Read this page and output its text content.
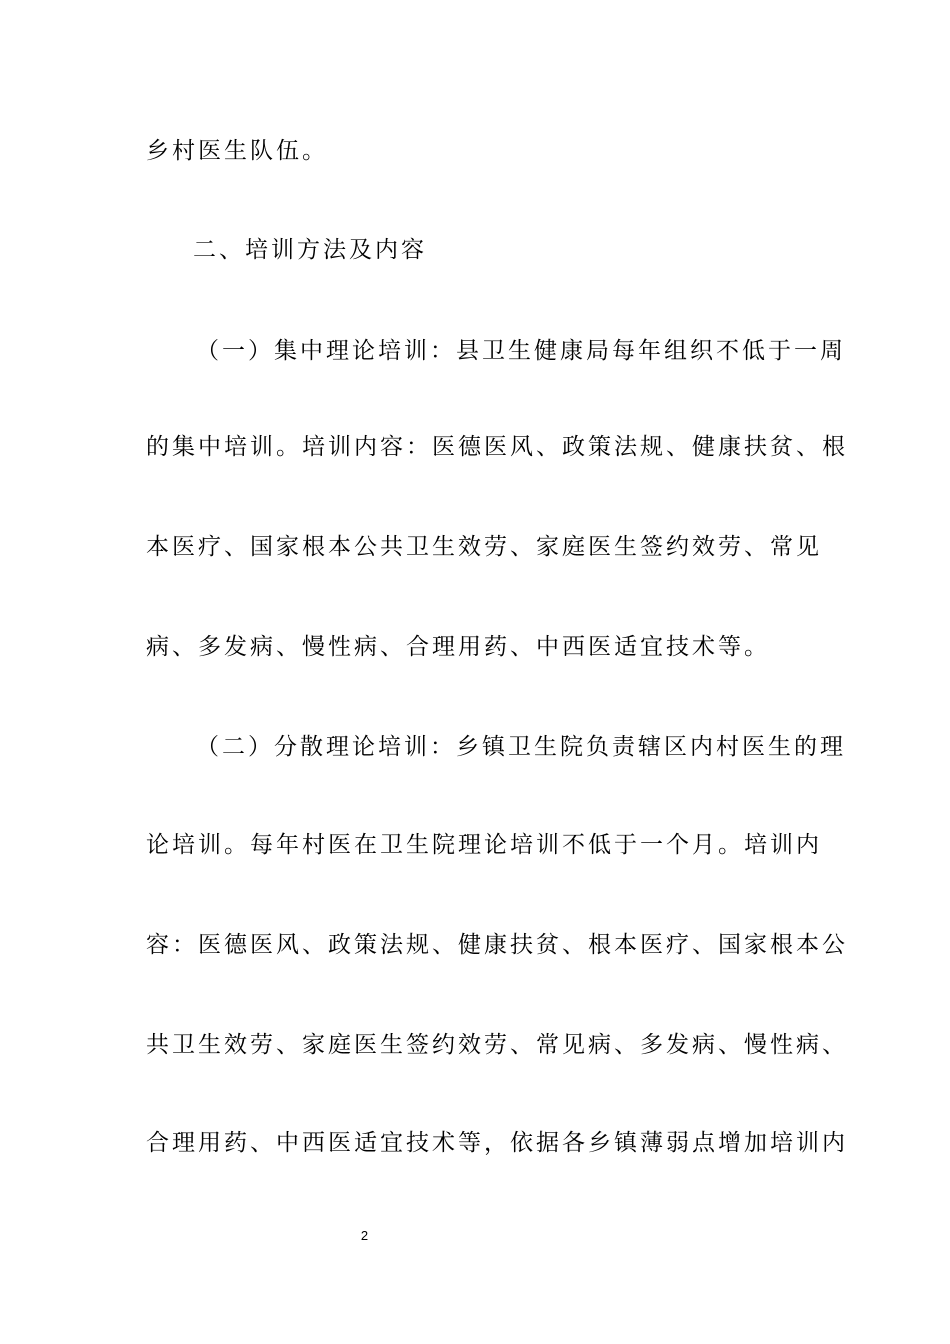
乡村医生队伍。
二、培训方法及内容
（一）集中理论培训：县卫生健康局每年组织不低于一周
的集中培训。培训内容：医德医风、政策法规、健康扶贫、根
本医疗、国家根本公共卫生效劳、家庭医生签约效劳、常见
病、多发病、慢性病、合理用药、中西医适宜技术等。
（二）分散理论培训：乡镇卫生院负责辖区内村医生的理
论培训。每年村医在卫生院理论培训不低于一个月。培训内
容：医德医风、政策法规、健康扶贫、根本医疗、国家根本公
共卫生效劳、家庭医生签约效劳、常见病、多发病、慢性病、
合理用药、中西医适宜技术等，依据各乡镇薄弱点增加培训内
2
